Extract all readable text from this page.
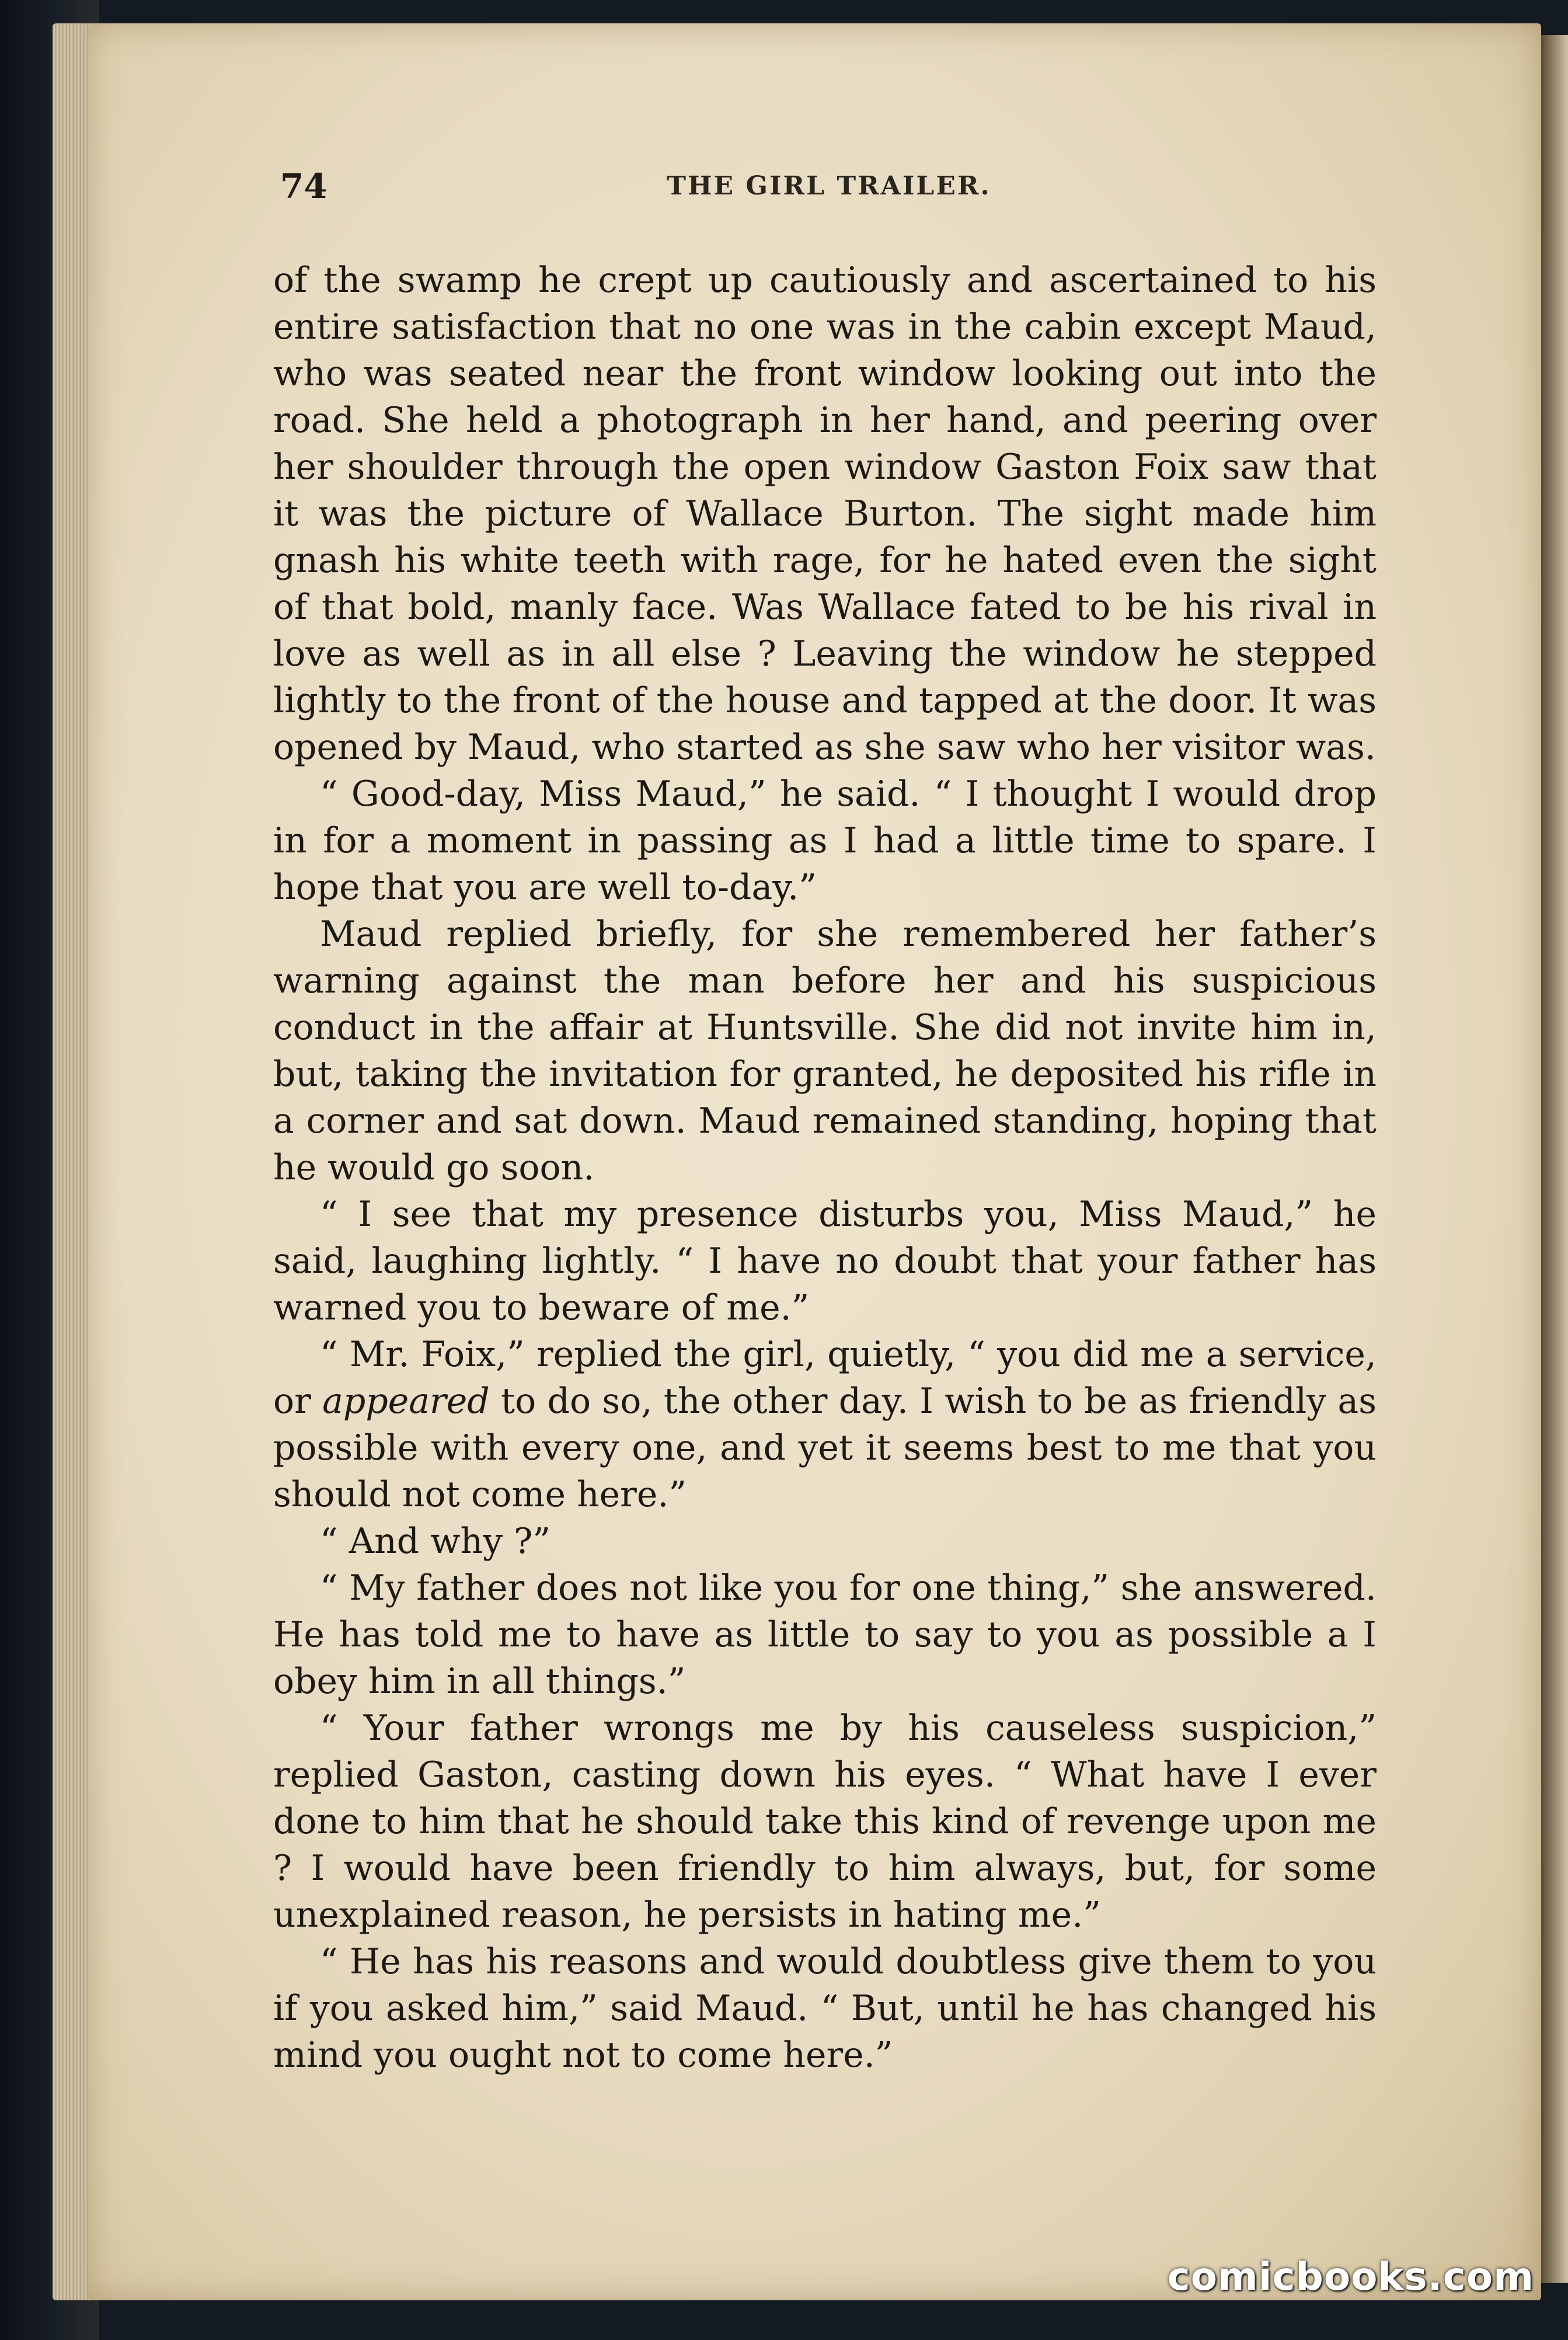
74	THE GIRL TRAILER.

of the swamp he crept up cautiously and ascertained to his entire satisfaction that no one was in the cabin except Maud, who was seated near the front window looking out into the road. She held a photograph in her hand, and peering over her shoulder through the open window Gaston Foix saw that it was the picture of Wallace Burton. The sight made him gnash his white teeth with rage, for he hated even the sight of that bold, manly face. Was Wallace fated to be his rival in love as well as in all else ? Leaving the window he stepped lightly to the front of the house and tapped at the door. It was opened by Maud, who started as she saw who her visitor was.

“ Good-day, Miss Maud,” he said. “ I thought I would drop in for a moment in passing as I had a little time to spare. I hope that you are well to-day.”

Maud replied briefly, for she remembered her father’s warning against the man before her and his suspicious conduct in the affair at Huntsville. She did not invite him in, but, taking the invitation for granted, he deposited his rifle in a corner and sat down. Maud remained standing, hoping that he would go soon.

“ I see that my presence disturbs you, Miss Maud,” he said, laughing lightly. “ I have no doubt that your father has warned you to beware of me.”

“ Mr. Foix,” replied the girl, quietly, “ you did me a service, or appeared to do so, the other day. I wish to be as friendly as possible with every one, and yet it seems best to me that you should not come here.”

“ And why ?”

“ My father does not like you for one thing,” she answered. He has told me to have as little to say to you as possible a I obey him in all things.”

“ Your father wrongs me by his causeless suspicion,” replied Gaston, casting down his eyes. “ What have I ever done to him that he should take this kind of revenge upon me ? I would have been friendly to him always, but, for some unexplained reason, he persists in hating me.”

“ He has his reasons and would doubtless give them to you if you asked him,” said Maud. “ But, until he has changed his mind you ought not to come here.”

comicbooks.com
